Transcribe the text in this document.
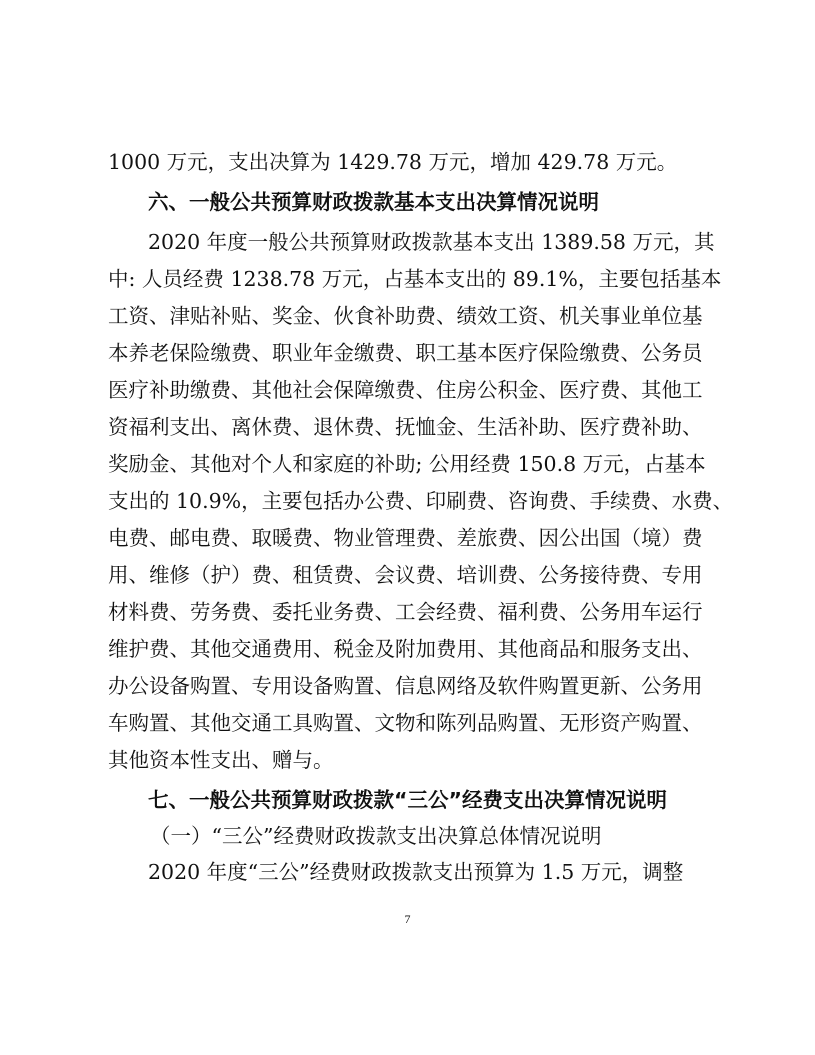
1000 万元，支出决算为 1429.78 万元，增加 429.78 万元。
六、一般公共预算财政拨款基本支出决算情况说明
2020 年度一般公共预算财政拨款基本支出 1389.58 万元，其
中: 人员经费 1238.78 万元，占基本支出的 89.1%，主要包括基本
工资、津贴补贴、奖金、伙食补助费、绩效工资、机关事业单位基
本养老保险缴费、职业年金缴费、职工基本医疗保险缴费、公务员
医疗补助缴费、其他社会保障缴费、住房公积金、医疗费、其他工
资福利支出、离休费、退休费、抚恤金、生活补助、医疗费补助、
奖励金、其他对个人和家庭的补助; 公用经费 150.8 万元，占基本
支出的 10.9%，主要包括办公费、印刷费、咨询费、手续费、水费、
电费、邮电费、取暖费、物业管理费、差旅费、因公出国（境）费
用、维修（护）费、租赁费、会议费、培训费、公务接待费、专用
材料费、劳务费、委托业务费、工会经费、福利费、公务用车运行
维护费、其他交通费用、税金及附加费用、其他商品和服务支出、
办公设备购置、专用设备购置、信息网络及软件购置更新、公务用
车购置、其他交通工具购置、文物和陈列品购置、无形资产购置、
其他资本性支出、赠与。
七、一般公共预算财政拨款“三公”经费支出决算情况说明
（一）“三公”经费财政拨款支出决算总体情况说明
2020 年度“三公”经费财政拨款支出预算为 1.5 万元，调整
7
